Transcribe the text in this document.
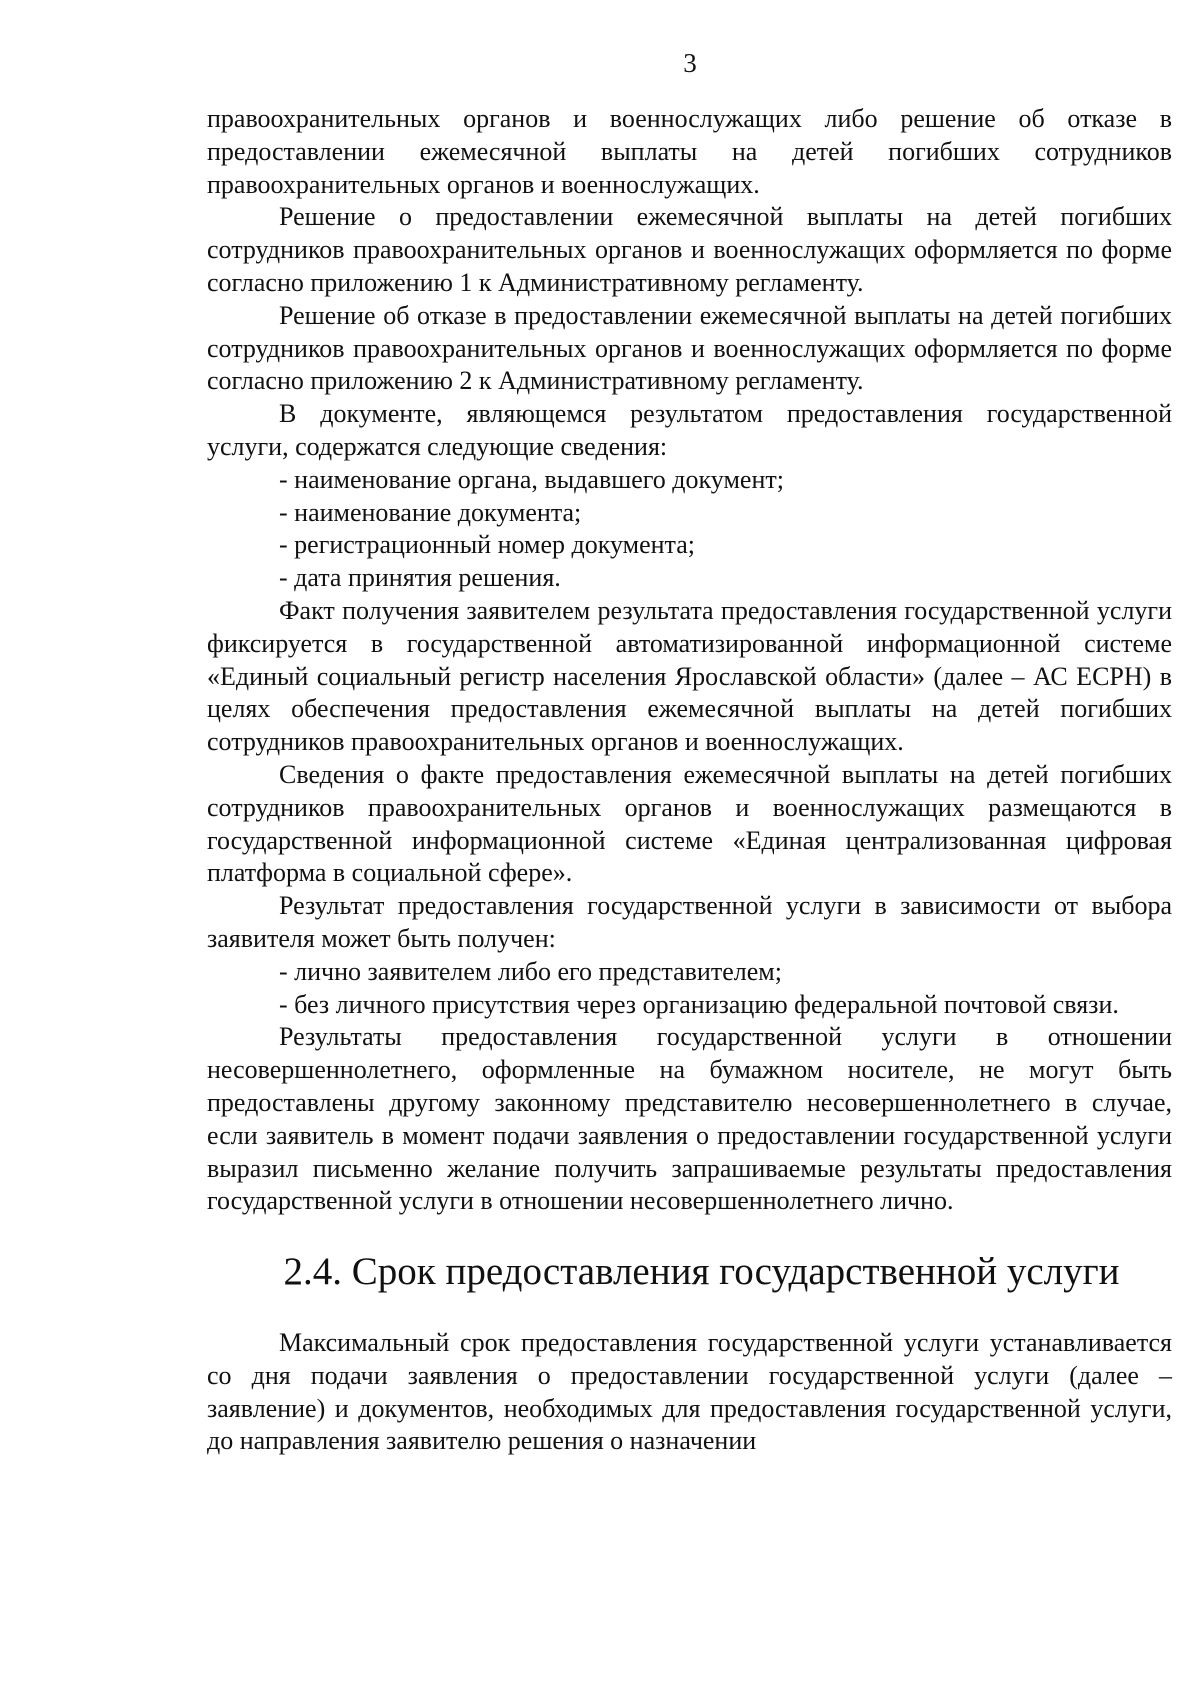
3

правоохранительных органов и военнослужащих либо решение об отказе в предоставлении ежемесячной выплаты на детей погибших сотрудников правоохранительных органов и военнослужащих.

Решение о предоставлении ежемесячной выплаты на детей погибших сотрудников правоохранительных органов и военнослужащих оформляется по форме согласно приложению 1 к Административному регламенту.

Решение об отказе в предоставлении ежемесячной выплаты на детей погибших сотрудников правоохранительных органов и военнослужащих оформляется по форме согласно приложению 2 к Административному регламенту.

В документе, являющемся результатом предоставления государственной услуги, содержатся следующие сведения:

- наименование органа, выдавшего документ;

- наименование документа;

- регистрационный номер документа;

- дата принятия решения.

Факт получения заявителем результата предоставления государственной услуги фиксируется в государственной автоматизированной информационной системе «Единый социальный регистр населения Ярославской области» (далее – АС ЕСРН) в целях обеспечения предоставления ежемесячной выплаты на детей погибших сотрудников правоохранительных органов и военнослужащих.

Сведения о факте предоставления ежемесячной выплаты на детей погибших сотрудников правоохранительных органов и военнослужащих размещаются в государственной информационной системе «Единая централизованная цифровая платформа в социальной сфере».

Результат предоставления государственной услуги в зависимости от выбора заявителя может быть получен:

- лично заявителем либо его представителем;

- без личного присутствия через организацию федеральной почтовой связи.

Результаты предоставления государственной услуги в отношении несовершеннолетнего, оформленные на бумажном носителе, не могут быть предоставлены другому законному представителю несовершеннолетнего в случае, если заявитель в момент подачи заявления о предоставлении государственной услуги выразил письменно желание получить запрашиваемые результаты предоставления государственной услуги в отношении несовершеннолетнего лично.

2.4. Срок предоставления государственной услуги

Максимальный срок предоставления государственной услуги устанавливается со дня подачи заявления о предоставлении государственной услуги (далее – заявление) и документов, необходимых для предоставления государственной услуги, до направления заявителю решения о назначении
